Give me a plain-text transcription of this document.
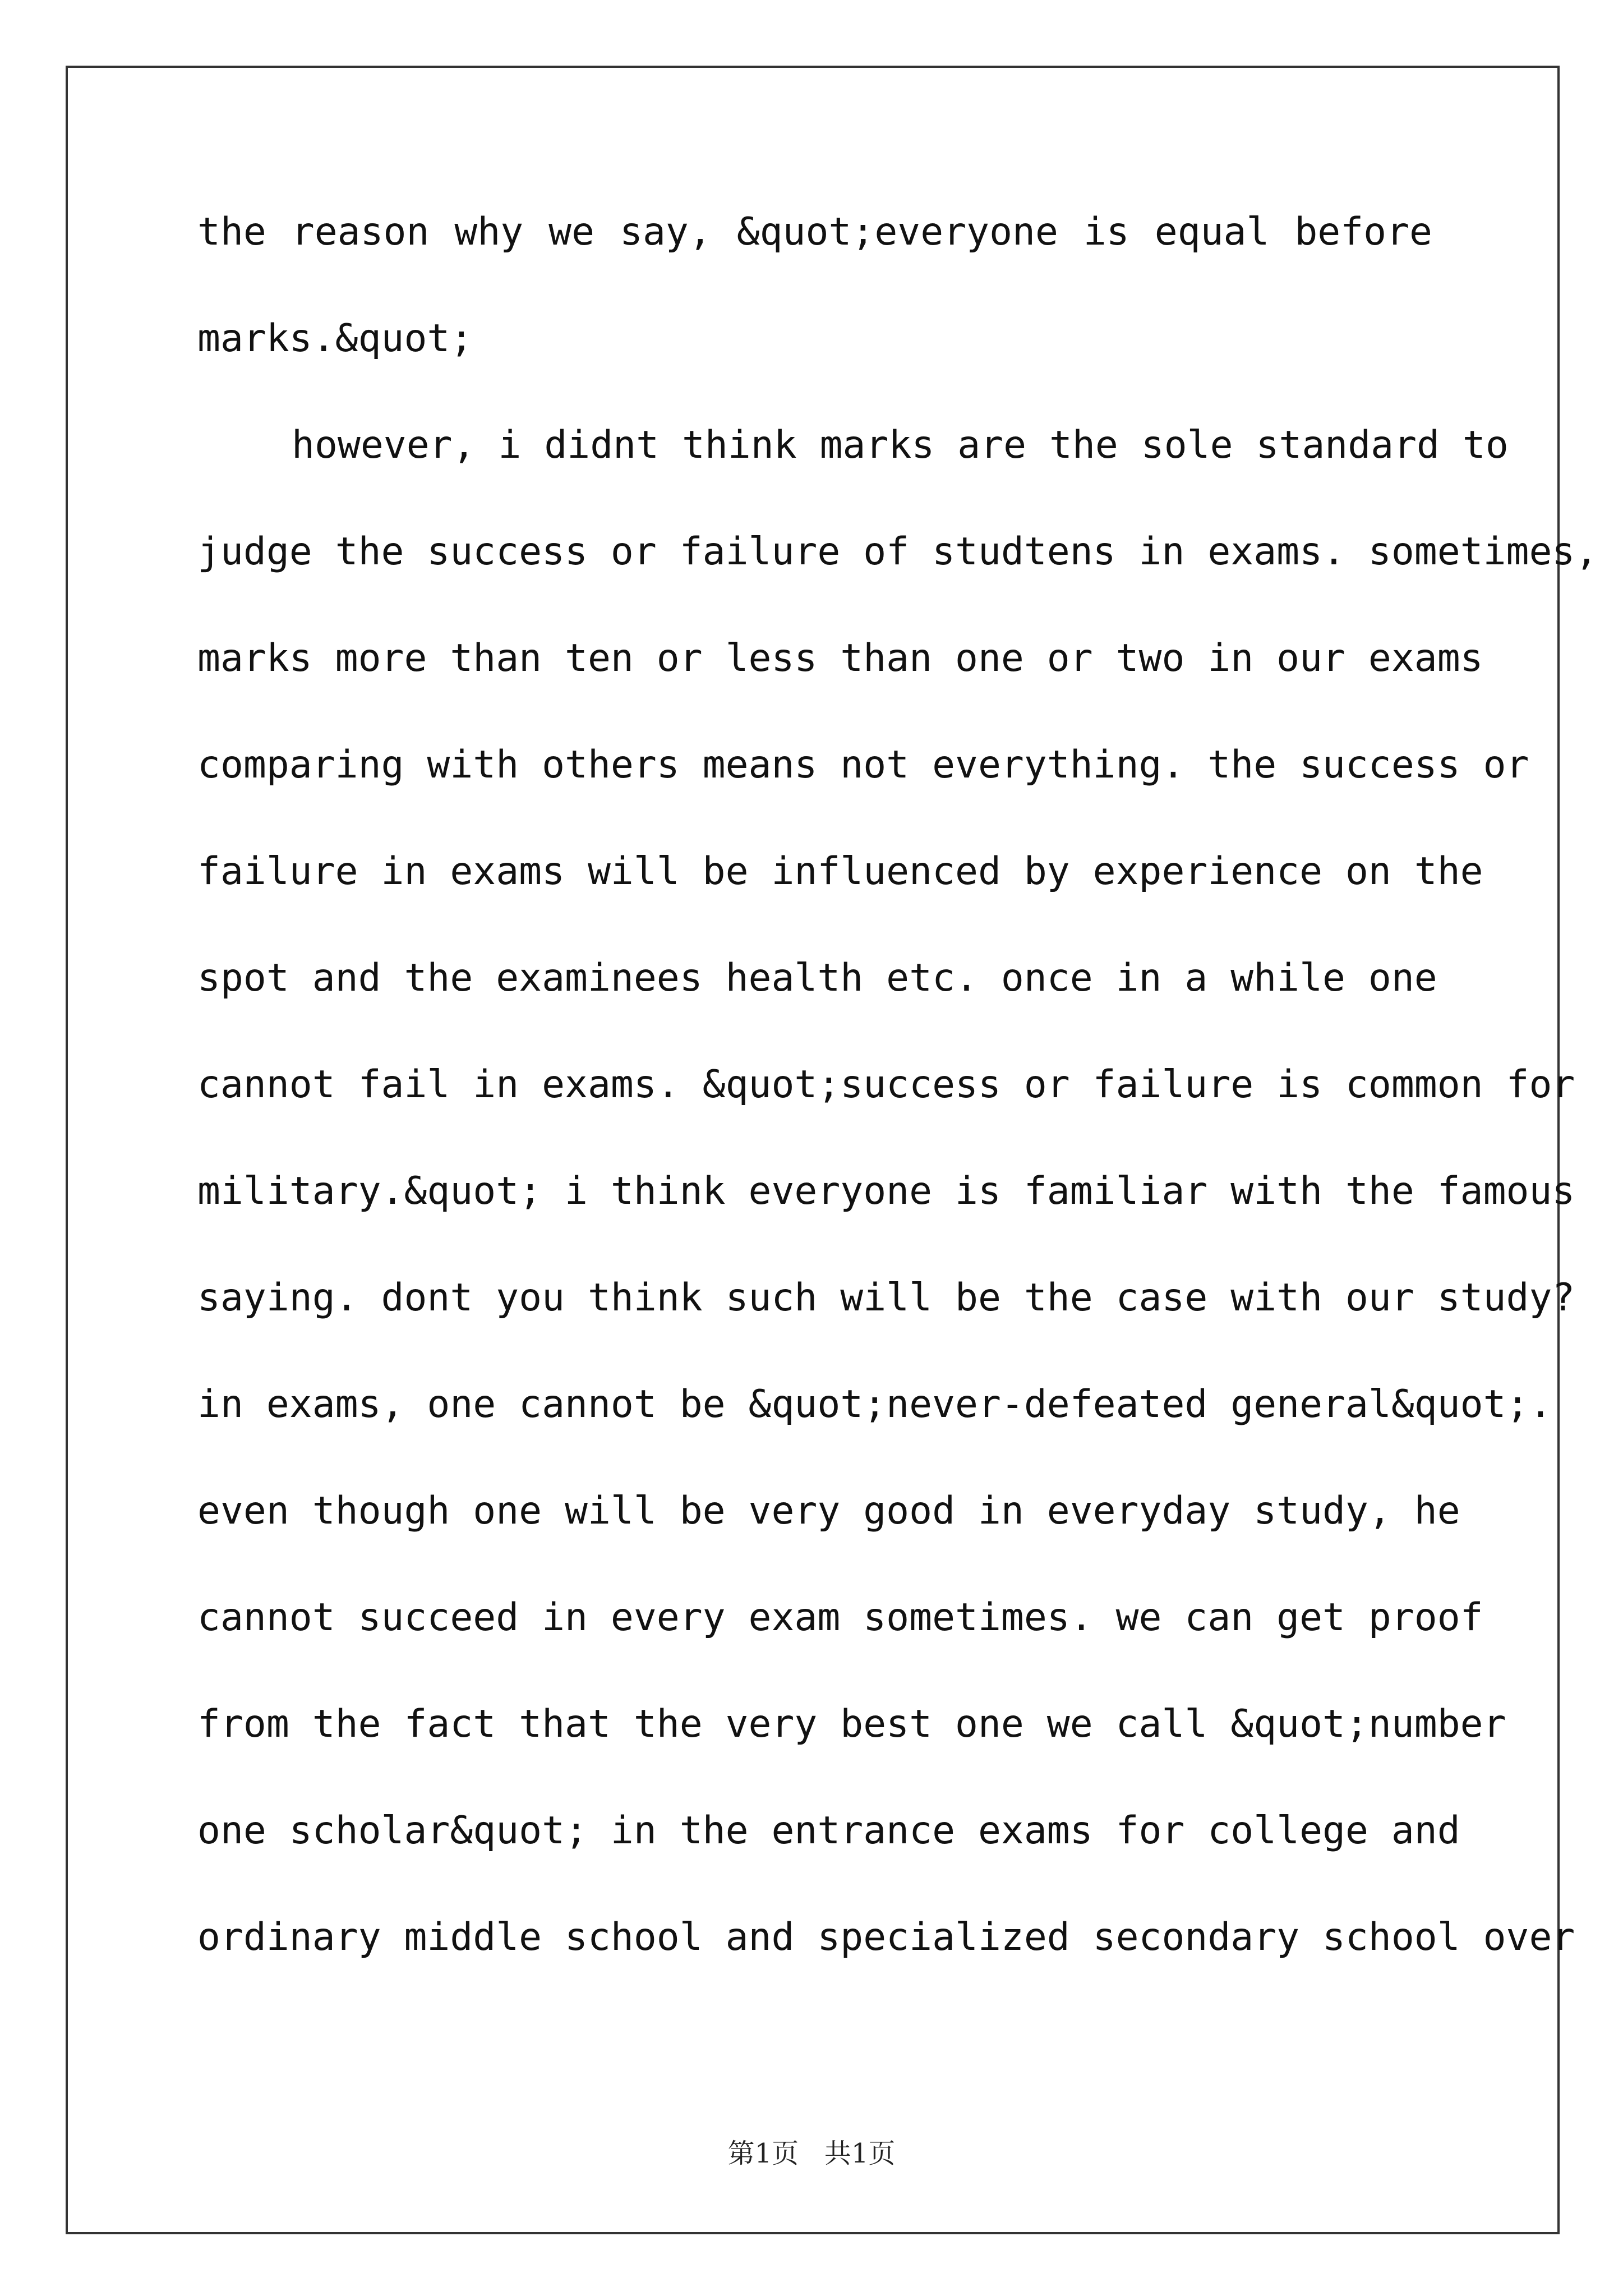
the reason why we say, &quot;everyone is equal before
marks.&quot;
however, i didnt think marks are the sole standard to
judge the success or failure of studtens in exams. sometimes,
marks more than ten or less than one or two in our exams
comparing with others means not everything. the success or
failure in exams will be influenced by experience on the
spot and the examinees health etc. once in a while one
cannot fail in exams. &quot;success or failure is common for
military.&quot; i think everyone is familiar with the famous
saying. dont you think such will be the case with our study?
in exams, one cannot be &quot;never-defeated general&quot;.
even though one will be very good in everyday study, he
cannot succeed in every exam sometimes. we can get proof
from the fact that the very best one we call &quot;number
one scholar&quot; in the entrance exams for college and
ordinary middle school and specialized secondary school over
第1页   共1页
